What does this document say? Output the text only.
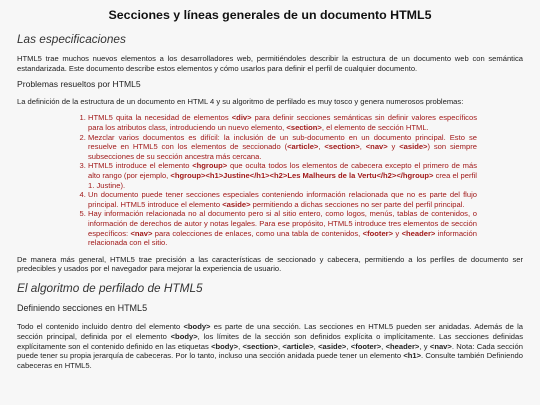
Secciones y líneas generales de un documento HTML5
Las especificaciones

HTML5 trae muchos nuevos elementos a los desarrolladores web, permitiéndoles describir la estructura de un documento web con semántica estandarizada. Este documento describe estos elementos y cómo usarlos para definir el perfil de cualquier documento.

Problemas resueltos por HTML5

La definición de la estructura de un documento en HTML 4 y su algoritmo de perfilado es muy tosco y genera numerosos problemas:

1. HTML5 quita la necesidad de elementos <div> para definir secciones semánticas sin definir valores específicos para los atributos class, introduciendo un nuevo elemento, <section>, el elemento de sección HTML.
2. Mezclar varios documentos es difícil: la inclusión de un sub-documento en un documento principal. Esto se resuelve en HTML5 con los elementos de seccionado (<article>, <section>, <nav> y <aside>) son siempre subsecciones de su sección ancestra más cercana.
3. HTML5 introduce el elemento <hgroup> que oculta todos los elementos de cabecera excepto el primero de más alto rango (por ejemplo, <hgroup><h1>Justine</h1><h2>Les Malheurs de la Vertu</h2></hgroup> crea el perfil 1. Justine).
4. Un documento puede tener secciones especiales conteniendo información relacionada que no es parte del flujo principal. HTML5 introduce el elemento <aside> permitiendo a dichas secciones no ser parte del perfil principal.
5. Hay información relacionada no al documento pero si al sitio entero, como logos, menús, tablas de contenidos, o información de derechos de autor y notas legales. Para ese propósito, HTML5 introduce tres elementos de sección específicos: <nav> para colecciones de enlaces, como una tabla de contenidos, <footer> y <header> información relacionada con el sitio.

De manera más general, HTML5 trae precisión a las características de seccionado y cabecera, permitiendo a los perfiles de documento ser predecibles y usados por el navegador para mejorar la experiencia de usuario.

El algoritmo de perfilado de HTML5

Definiendo secciones en HTML5

Todo el contenido incluido dentro del elemento <body> es parte de una sección. Las secciones en HTML5 pueden ser anidadas. Además de la sección principal, definida por el elemento <body>, los límites de la sección son definidos explícita o implícitamente. Las secciones definidas explícitamente son el contenido definido en las etiquetas <body>, <section>, <article>, <aside>, <footer>, <header>, y <nav>. Nota: Cada sección puede tener su propia jerarquía de cabeceras. Por lo tanto, incluso una sección anidada puede tener un elemento <h1>. Consulte también Definiendo cabeceras en HTML5.
